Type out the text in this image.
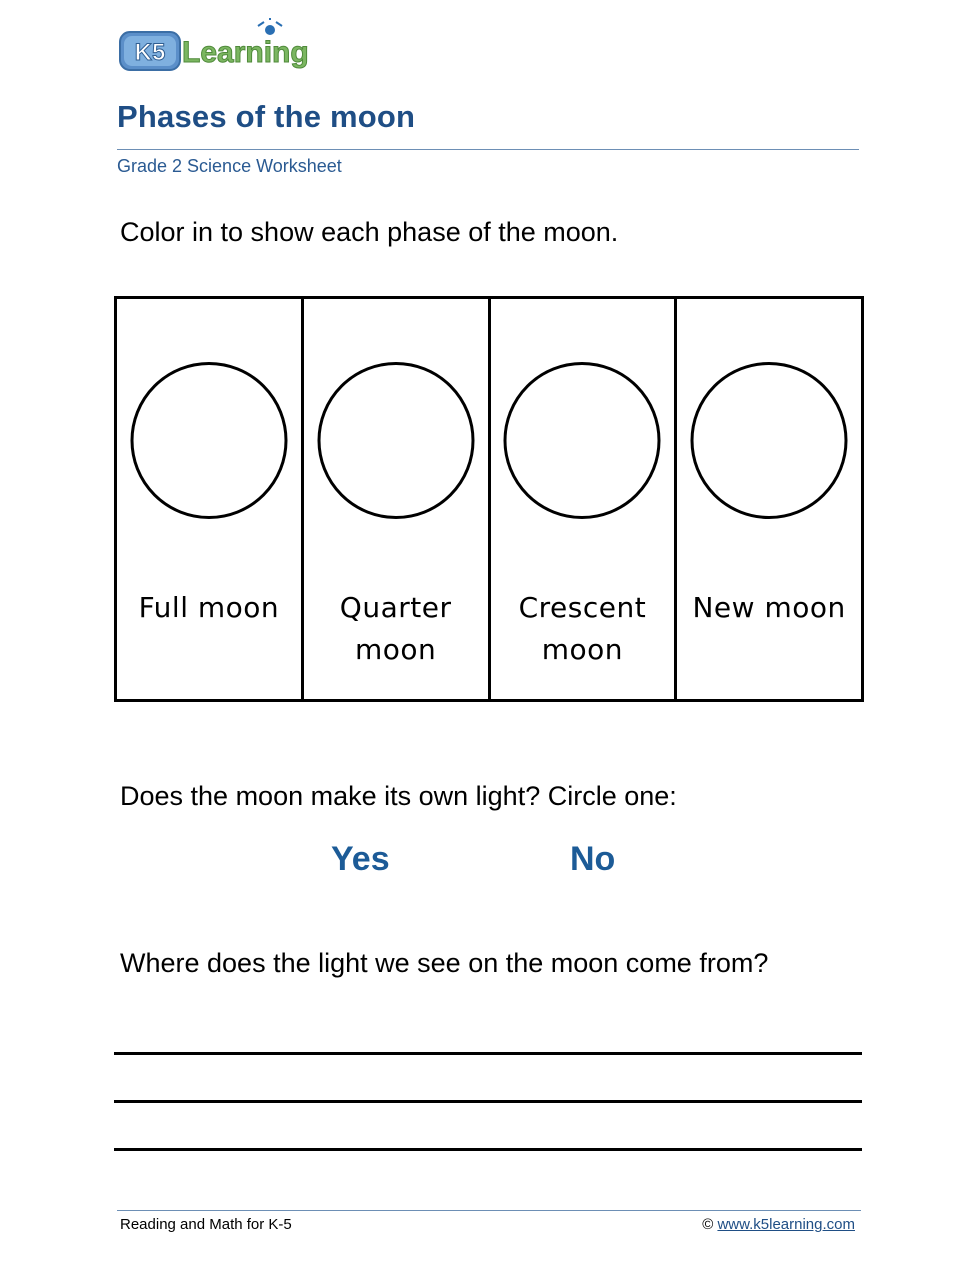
K5 Learning
Phases of the moon
Grade 2 Science Worksheet
Color in to show each phase of the moon.
Full moon	Quarter
moon
Crescent
moon
New moon
Does the moon make its own light? Circle one:
Yes	No
Where does the light we see on the moon come from?
Reading and Math for K-5	© www.k5learning.com
